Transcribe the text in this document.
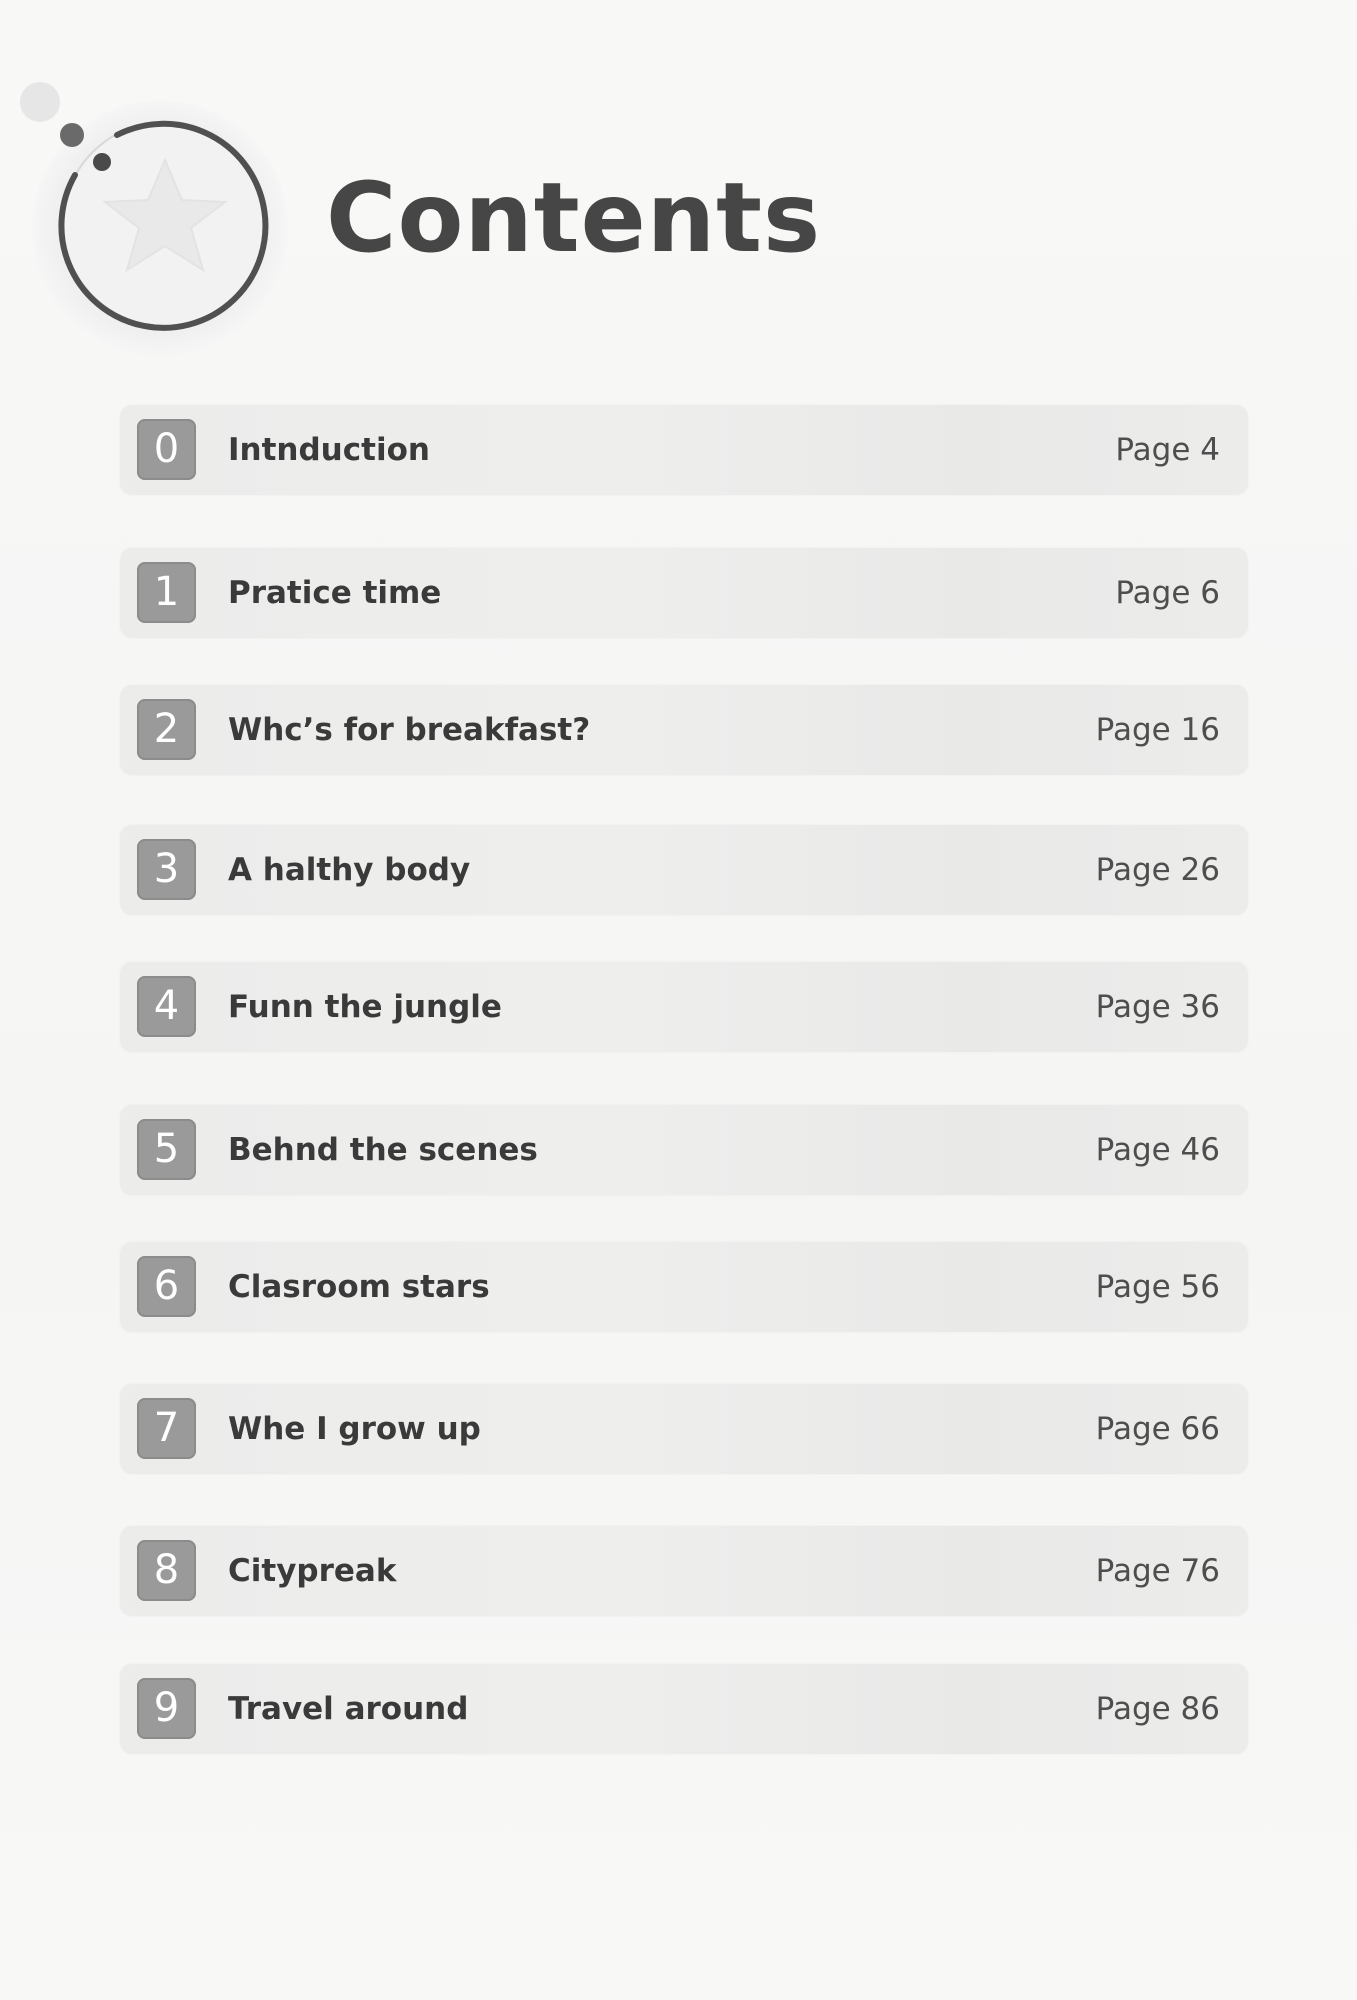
Contents
0	Intnduction	Page 4
1	Pratice time	Page 6
2	Whc’s for breakfast?	Page 16
3	A halthy body	Page 26
4	Funn the jungle	Page 36
5	Behnd the scenes	Page 46
6	Clasroom stars	Page 56
7	Whe I grow up	Page 66
8	Citypreak	Page 76
9	Travel around	Page 86
